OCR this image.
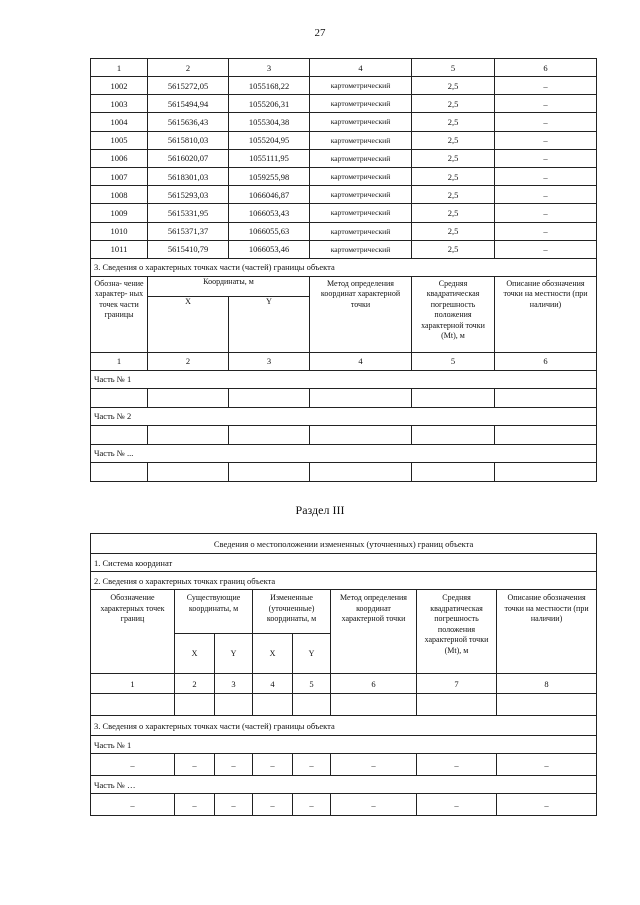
27
1	2	3	4	5	6
1002	5615272,05	1055168,22	картометрический	2,5	–
1003	5615494,94	1055206,31	картометрический	2,5	–
1004	5615636,43	1055304,38	картометрический	2,5	–
1005	5615810,03	1055204,95	картометрический	2,5	–
1006	5616020,07	1055111,95	картометрический	2,5	–
1007	5618301,03	1059255,98	картометрический	2,5	–
1008	5615293,03	1066046,87	картометрический	2,5	–
1009	5615331,95	1066053,43	картометрический	2,5	–
1010	5615371,37	1066055,63	картометрический	2,5	–
1011	5615410,79	1066053,46	картометрический	2,5	–
3. Сведения о характерных точках части (частей) границы объекта					
Обозна- чение характер- ных точек части границы	Координаты, м		Метод определения координат характерной точки	Средняя квадратическая погрешность положения характерной точки (Mt), м	Описание обозначения точки на местности (при наличии)
	X	Y			
1	2	3	4	5	6
Часть № 1					

Часть № 2					

Часть № ...					

Раздел III
Сведения о местоположении измененных (уточненных) границ объекта							
1. Система координат							
2. Сведения о характерных точках границ объекта							
Обозначение характерных точек границ	Существующие координаты, м		Измененные (уточненные) координаты, м		Метод определения координат характерной точки	Средняя квадратическая погрешность положения характерной точки (Mt), м	Описание обозначения точки на местности (при наличии)
	X	Y	X	Y			
1	2	3	4	5	6	7	8

3. Сведения о характерных точках части (частей) границы объекта							
Часть № 1							
–	–	–	–	–	–	–	–
Часть № …							
–	–	–	–	–	–	–	–
